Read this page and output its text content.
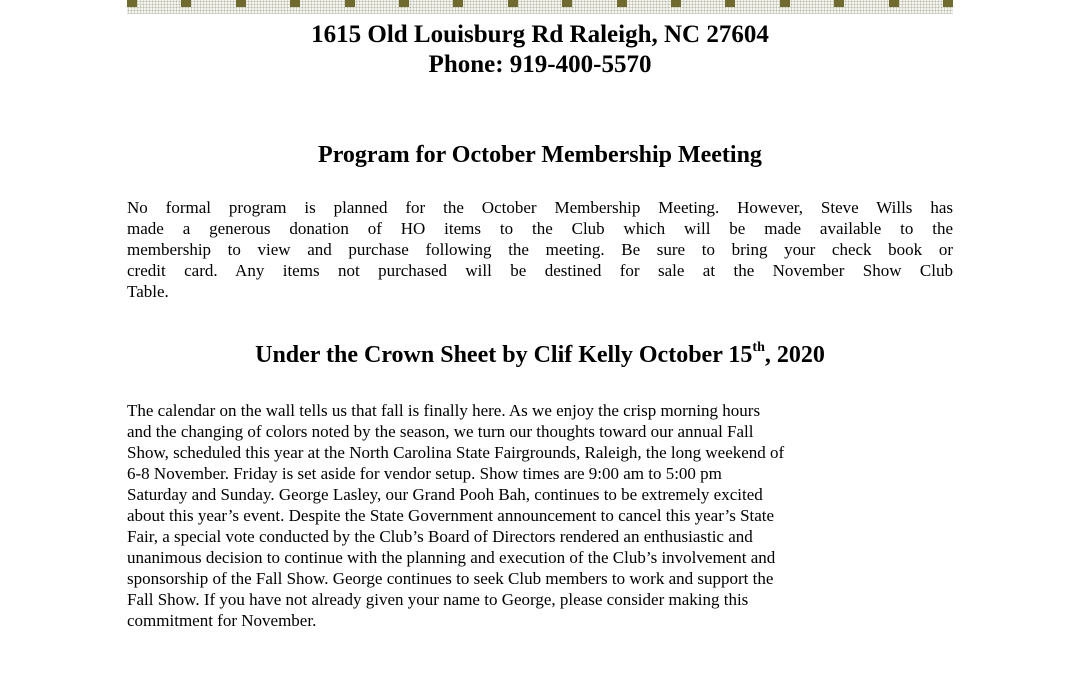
1615 Old Louisburg Rd Raleigh, NC 27604
Phone: 919-400-5570
Program for October Membership Meeting
No formal program is planned for the October Membership Meeting. However, Steve Wills has
made a generous donation of HO items to the Club which will be made available to the
membership to view and purchase following the meeting. Be sure to bring your check book or
credit card. Any items not purchased will be destined for sale at the November Show Club
Table.
Under the Crown Sheet by Clif Kelly October 15th, 2020
The calendar on the wall tells us that fall is finally here. As we enjoy the crisp morning hours
and the changing of colors noted by the season, we turn our thoughts toward our annual Fall
Show, scheduled this year at the North Carolina State Fairgrounds, Raleigh, the long weekend of
6-8 November. Friday is set aside for vendor setup. Show times are 9:00 am to 5:00 pm
Saturday and Sunday. George Lasley, our Grand Pooh Bah, continues to be extremely excited
about this year’s event. Despite the State Government announcement to cancel this year’s State
Fair, a special vote conducted by the Club’s Board of Directors rendered an enthusiastic and
unanimous decision to continue with the planning and execution of the Club’s involvement and
sponsorship of the Fall Show. George continues to seek Club members to work and support the
Fall Show. If you have not already given your name to George, please consider making this
commitment for November.
